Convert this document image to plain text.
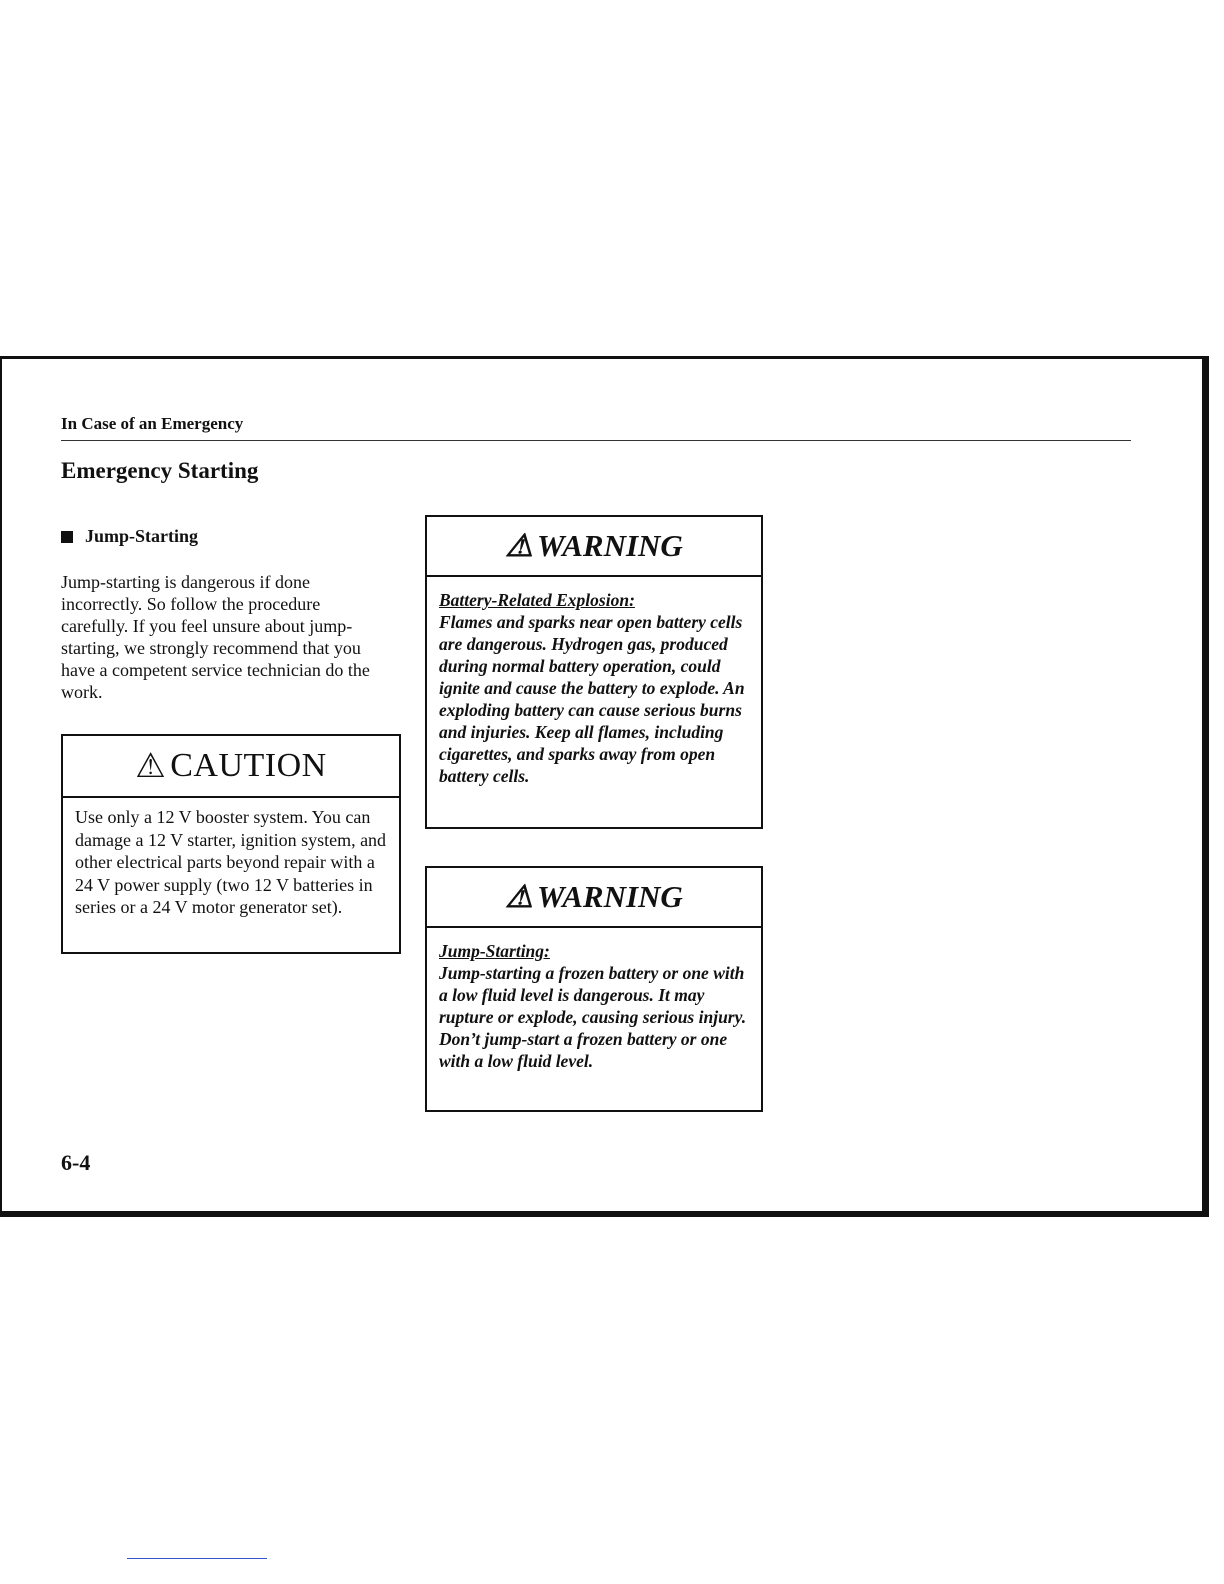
In Case of an Emergency
Emergency Starting
Jump-Starting
Jump-starting is dangerous if done incorrectly. So follow the procedure carefully. If you feel unsure about jump-starting, we strongly recommend that you have a competent service technician do the work.
⚠ CAUTION
Use only a 12 V booster system. You can damage a 12 V starter, ignition system, and other electrical parts beyond repair with a 24 V power supply (two 12 V batteries in series or a 24 V motor generator set).
⚠ WARNING
Battery-Related Explosion:
Flames and sparks near open battery cells are dangerous. Hydrogen gas, produced during normal battery operation, could ignite and cause the battery to explode. An exploding battery can cause serious burns and injuries. Keep all flames, including cigarettes, and sparks away from open battery cells.
⚠ WARNING
Jump-Starting:
Jump-starting a frozen battery or one with a low fluid level is dangerous. It may rupture or explode, causing serious injury. Don’t jump-start a frozen battery or one with a low fluid level.
6-4
